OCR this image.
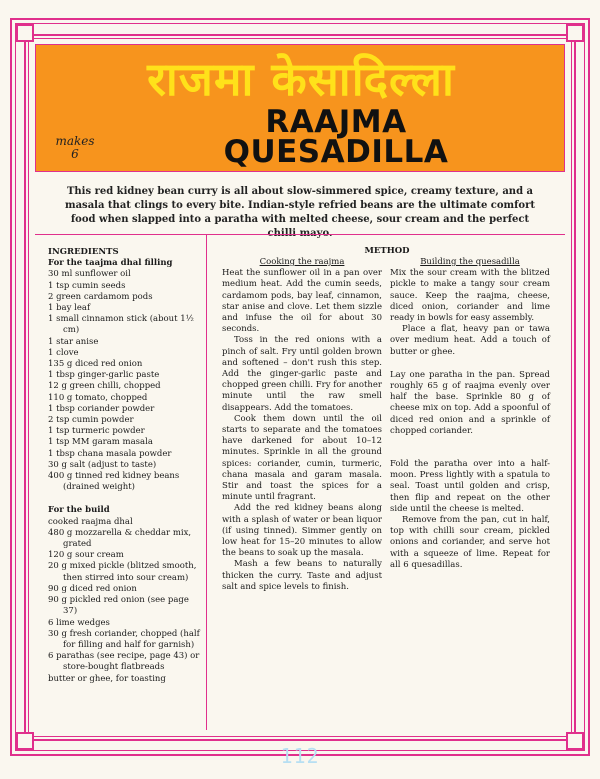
राजमा केसादिल्ला
RAAJMA
QUESADILLA
makes
6
This red kidney bean curry is all about slow-simmered spice, creamy texture, and a masala that clings to every bite. Indian-style refried beans are the ultimate comfort food when slapped into a paratha with melted cheese, sour cream and the perfect chilli mayo.
INGREDIENTS
For the taajma dhal filling
30 ml sunflower oil
1 tsp cumin seeds
2 green cardamom pods
1 bay leaf
1 small cinnamon stick (about 1½ cm)
1 star anise
1 clove
135 g diced red onion
1 tbsp ginger-garlic paste
12 g green chilli, chopped
110 g tomato, chopped
1 tbsp coriander powder
2 tsp cumin powder
1 tsp turmeric powder
1 tsp MM garam masala
1 tbsp chana masala powder
30 g salt (adjust to taste)
400 g tinned red kidney beans (drained weight)
For the build
cooked raajma dhal
480 g mozzarella & cheddar mix, grated
120 g sour cream
20 g mixed pickle (blitzed smooth, then stirred into sour cream)
90 g diced red onion
90 g pickled red onion (see page 37)
6 lime wedges
30 g fresh coriander, chopped (half for filling and half for garnish)
6 parathas (see recipe, page 43) or store-bought flatbreads
butter or ghee, for toasting
METHOD
Cooking the raajma

Heat the sunflower oil in a pan over medium heat. Add the cumin seeds, cardamom pods, bay leaf, cinnamon, star anise and clove. Let them sizzle and infuse the oil for about 30 seconds.

Toss in the red onions with a pinch of salt. Fry until golden brown and softened – don't rush this step. Add the ginger-garlic paste and chopped green chilli. Fry for another minute until the raw smell disappears. Add the tomatoes.

Cook them down until the oil starts to separate and the tomatoes have darkened for about 10–12 minutes. Sprinkle in all the ground spices: coriander, cumin, turmeric, chana masala and garam masala. Stir and toast the spices for a minute until fragrant.

Add the red kidney beans along with a splash of water or bean liquor (if using tinned). Simmer gently on low heat for 15–20 minutes to allow the beans to soak up the masala.

Mash a few beans to naturally thicken the curry. Taste and adjust salt and spice levels to finish.

Building the quesadilla

Mix the sour cream with the blitzed pickle to make a tangy sour cream sauce. Keep the raajma, cheese, diced onion, coriander and lime ready in bowls for easy assembly.

Place a flat, heavy pan or tawa over medium heat. Add a touch of butter or ghee.

Lay one paratha in the pan. Spread roughly 65 g of raajma evenly over half the base. Sprinkle 80 g of cheese mix on top. Add a spoonful of diced red onion and a sprinkle of chopped coriander.

Fold the paratha over into a half-moon. Press lightly with a spatula to seal. Toast until golden and crisp, then flip and repeat on the other side until the cheese is melted.

Remove from the pan, cut in half, top with chilli sour cream, pickled onions and coriander, and serve hot with a squeeze of lime. Repeat for all 6 quesadillas.

112
